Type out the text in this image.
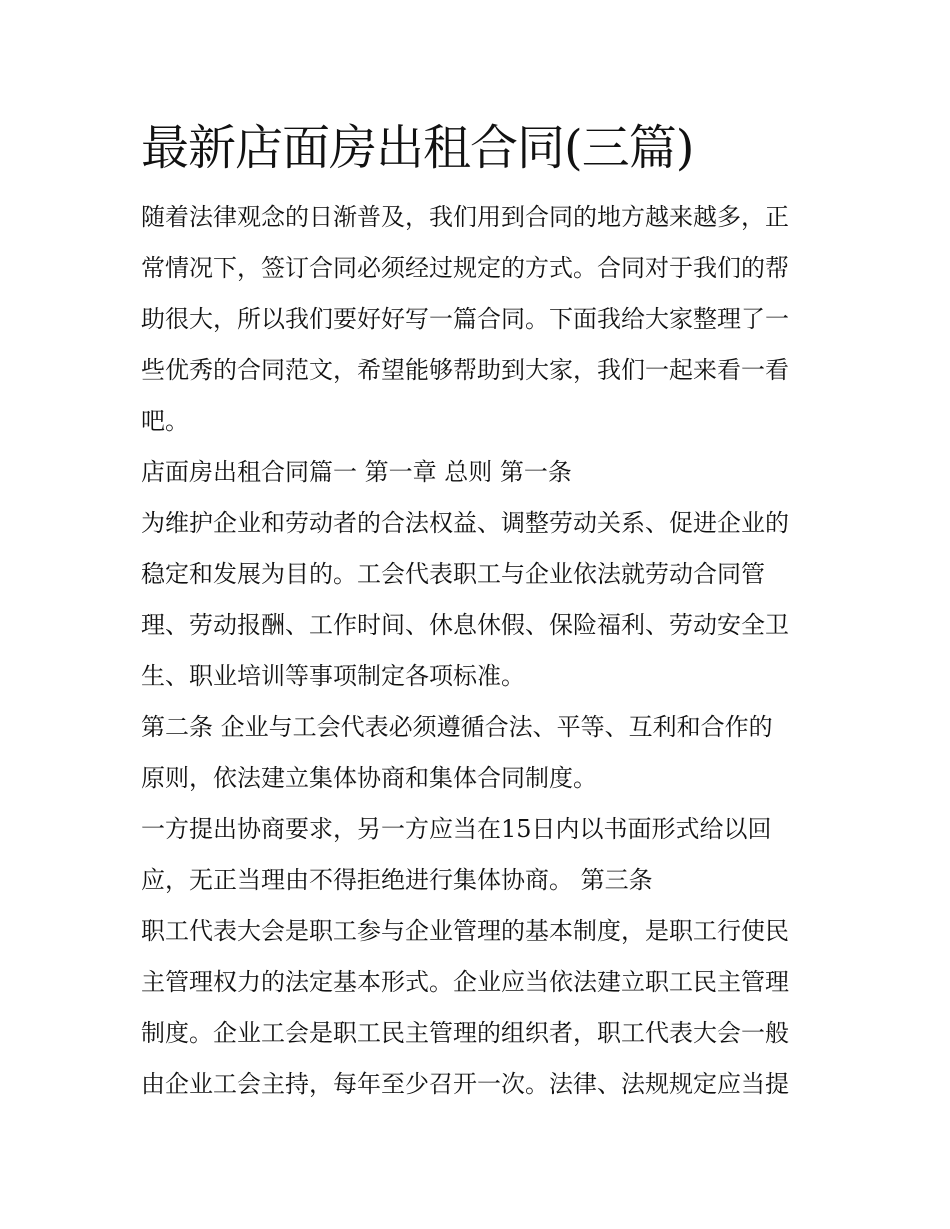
最新店面房出租合同(三篇)
随着法律观念的日渐普及，我们用到合同的地方越来越多，正
常情况下，签订合同必须经过规定的方式。合同对于我们的帮
助很大，所以我们要好好写一篇合同。下面我给大家整理了一
些优秀的合同范文，希望能够帮助到大家，我们一起来看一看
吧。
店面房出租合同篇一 第一章 总则 第一条
为维护企业和劳动者的合法权益、调整劳动关系、促进企业的
稳定和发展为目的。工会代表职工与企业依法就劳动合同管
理、劳动报酬、工作时间、休息休假、保险福利、劳动安全卫
生、职业培训等事项制定各项标准。
第二条 企业与工会代表必须遵循合法、平等、互利和合作的
原则，依法建立集体协商和集体合同制度。
一方提出协商要求，另一方应当在15日内以书面形式给以回
应，无正当理由不得拒绝进行集体协商。 第三条
职工代表大会是职工参与企业管理的基本制度，是职工行使民
主管理权力的法定基本形式。企业应当依法建立职工民主管理
制度。企业工会是职工民主管理的组织者，职工代表大会一般
由企业工会主持，每年至少召开一次。法律、法规规定应当提
